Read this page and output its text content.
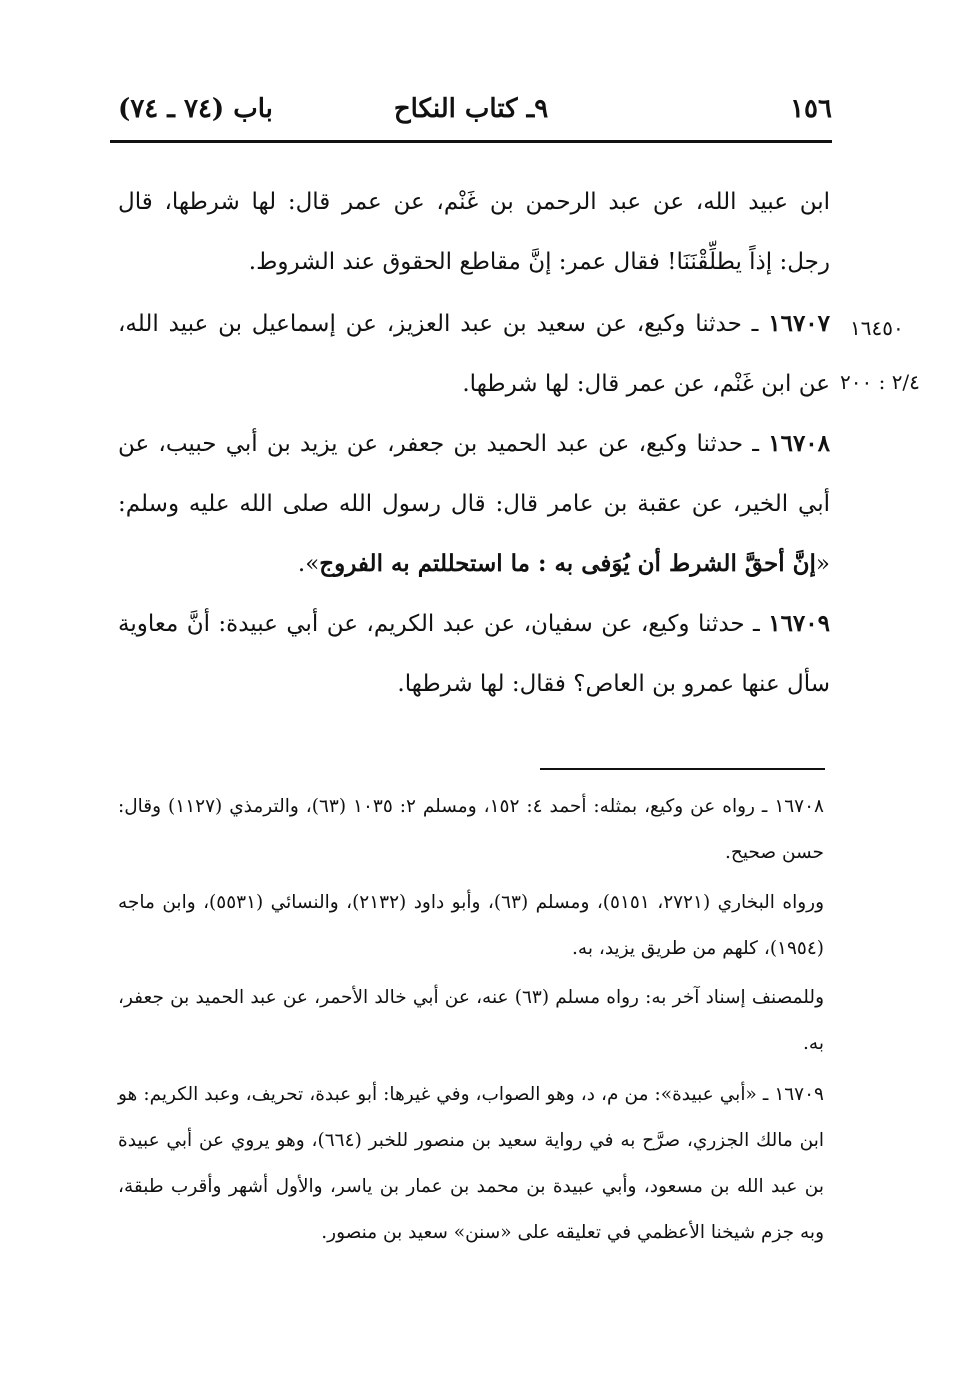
١٥٦
٩ـ كتاب النكاح
باب (٧٤ ـ ٧٤)

ابن عبيد الله، عن عبد الرحمن بن غَنْم، عن عمر قال: لها شرطها، قال رجل: إذاً يطلِّقْنَنَا! فقال عمر: إنَّ مقاطع الحقوق عند الشروط.

١٦٧٠٧ ـ حدثنا وكيع، عن سعيد بن عبد العزيز، عن إسماعيل بن عبيد الله، عن ابن غَنْم، عن عمر قال: لها شرطها.

١٦٤٥٠
٢/٤ : ٢٠٠

١٦٧٠٨ ـ حدثنا وكيع، عن عبد الحميد بن جعفر، عن يزيد بن أبي حبيب، عن أبي الخير، عن عقبة بن عامر قال: قال رسول الله صلى الله عليه وسلم: «إنَّ أحقَّ الشرط أن يُوَفى به : ما استحللتم به الفروج».

١٦٧٠٩ ـ حدثنا وكيع، عن سفيان، عن عبد الكريم، عن أبي عبيدة: أنَّ معاوية سأل عنها عمرو بن العاص؟ فقال: لها شرطها.

١٦٧٠٨ ـ رواه عن وكيع، بمثله: أحمد ٤: ١٥٢، ومسلم ٢: ١٠٣٥ (٦٣)، والترمذي (١١٢٧) وقال: حسن صحيح.

ورواه البخاري (٢٧٢١، ٥١٥١)، ومسلم (٦٣)، وأبو داود (٢١٣٢)، والنسائي (٥٥٣١)، وابن ماجه (١٩٥٤)، كلهم من طريق يزيد، به.

وللمصنف إسناد آخر به: رواه مسلم (٦٣) عنه، عن أبي خالد الأحمر، عن عبد الحميد بن جعفر، به.

١٦٧٠٩ ـ «أبي عبيدة»: من م، د، وهو الصواب، وفي غيرها: أبو عبدة، تحريف، وعبد الكريم: هو ابن مالك الجزري، صرَّح به في رواية سعيد بن منصور للخبر (٦٦٤)، وهو يروي عن أبي عبيدة بن عبد الله بن مسعود، وأبي عبيدة بن محمد بن عمار بن ياسر، والأول أشهر وأقرب طبقة، وبه جزم شيخنا الأعظمي في تعليقه على «سنن» سعيد بن منصور.
